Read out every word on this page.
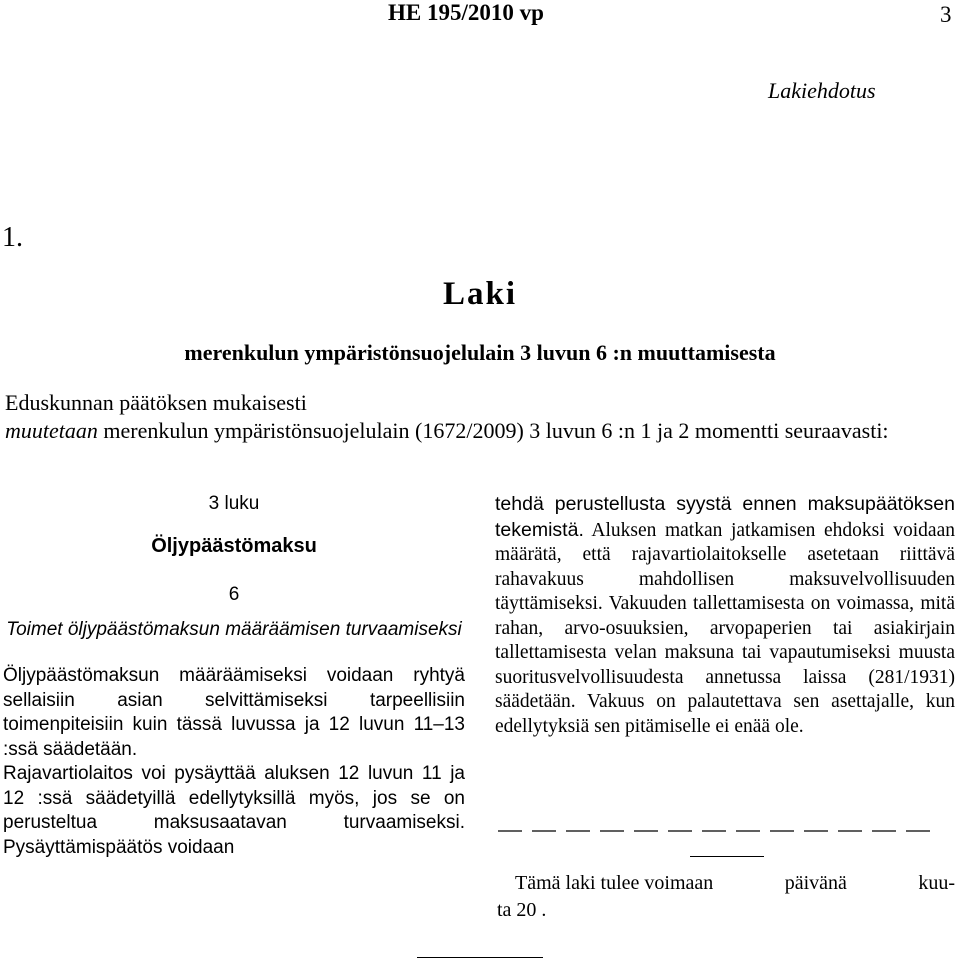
HE 195/2010 vp	3
Lakiehdotus
1.
Laki
merenkulun ympäristönsuojelulain 3 luvun 6 :n muuttamisesta
Eduskunnan päätöksen mukaisesti
muutetaan merenkulun ympäristönsuojelulain (1672/2009) 3 luvun 6 :n 1 ja 2 momentti seuraavasti:
3 luku
Öljypäästömaksu
6
Toimet öljypäästömaksun määräämisen turvaamiseksi
Öljypäästömaksun määräämiseksi voidaan ryhtyä sellaisiin asian selvittämiseksi tarpeellisiin toimenpiteisiin kuin tässä luvussa ja 12 luvun 11–13 :ssä säädetään.
Rajavartiolaitos voi pysäyttää aluksen 12 luvun 11 ja 12 :ssä säädetyillä edellytyksillä myös, jos se on perusteltua maksusaatavan turvaamiseksi. Pysäyttämispäätös voidaan
tehdä perustellusta syystä ennen maksupäätöksen tekemistä. Aluksen matkan jatkamisen ehdoksi voidaan määrätä, että rajavartiolaitokselle asetetaan riittävä rahavakuus mahdollisen maksuvelvollisuuden täyttämiseksi. Vakuuden tallettamisesta on voimassa, mitä rahan, arvo-osuuksien, arvopaperien tai asiakirjain tallettamisesta velan maksuna tai vapautumiseksi muusta suoritusvelvollisuudesta annetussa laissa (281/1931) säädetään. Vakuus on palautettava sen asettajalle, kun edellytyksiä sen pitämiselle ei enää ole.
Tämä laki tulee voimaan	päivänä	kuu-
ta 20 .
